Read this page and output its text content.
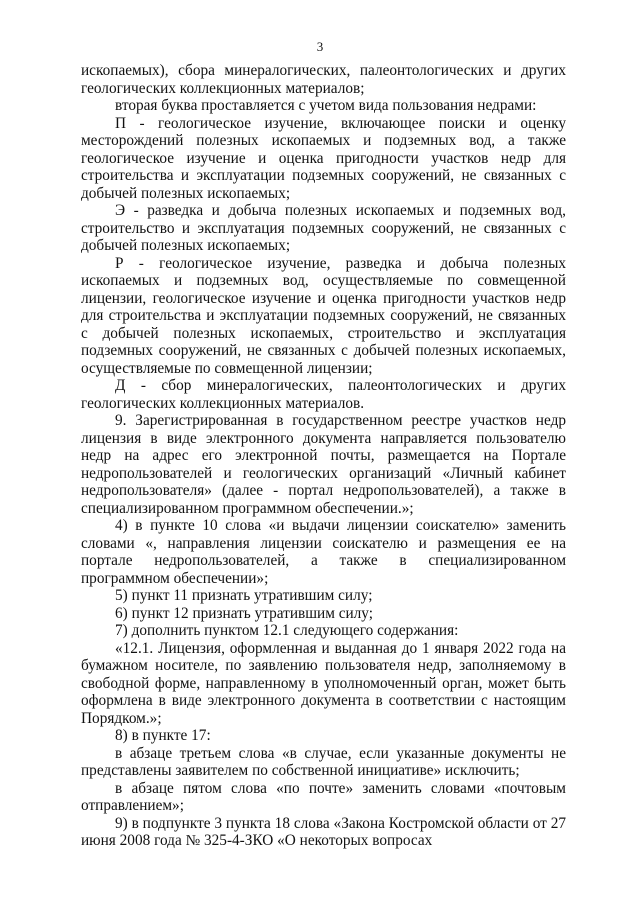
3

ископаемых), сбора минералогических, палеонтологических и других геологических коллекционных материалов;

вторая буква проставляется с учетом вида пользования недрами:

П - геологическое изучение, включающее поиски и оценку месторождений полезных ископаемых и подземных вод, а также геологическое изучение и оценка пригодности участков недр для строительства и эксплуатации подземных сооружений, не связанных с добычей полезных ископаемых;

Э - разведка и добыча полезных ископаемых и подземных вод, строительство и эксплуатация подземных сооружений, не связанных с добычей полезных ископаемых;

Р - геологическое изучение, разведка и добыча полезных ископаемых и подземных вод, осуществляемые по совмещенной лицензии, геологическое изучение и оценка пригодности участков недр для строительства и эксплуатации подземных сооружений, не связанных с добычей полезных ископаемых, строительство и эксплуатация подземных сооружений, не связанных с добычей полезных ископаемых, осуществляемые по совмещенной лицензии;

Д - сбор минералогических, палеонтологических и других геологических коллекционных материалов.

9. Зарегистрированная в государственном реестре участков недр лицензия в виде электронного документа направляется пользователю недр на адрес его электронной почты, размещается на Портале недропользователей и геологических организаций «Личный кабинет недропользователя» (далее - портал недропользователей), а также в специализированном программном обеспечении.»;

4) в пункте 10 слова «и выдачи лицензии соискателю» заменить словами «, направления лицензии соискателю и размещения ее на портале недропользователей, а также в специализированном программном обеспечении»;

5) пункт 11 признать утратившим силу;

6) пункт 12 признать утратившим силу;

7) дополнить пунктом 12.1 следующего содержания:

«12.1. Лицензия, оформленная и выданная до 1 января 2022 года на бумажном носителе, по заявлению пользователя недр, заполняемому в свободной форме, направленному в уполномоченный орган, может быть оформлена в виде электронного документа в соответствии с настоящим Порядком.»;

8) в пункте 17:

в абзаце третьем слова «в случае, если указанные документы не представлены заявителем по собственной инициативе» исключить;

в абзаце пятом слова «по почте» заменить словами «почтовым отправлением»;

9) в подпункте 3 пункта 18 слова «Закона Костромской области от 27 июня 2008 года № 325-4-ЗКО «О некоторых вопросах
